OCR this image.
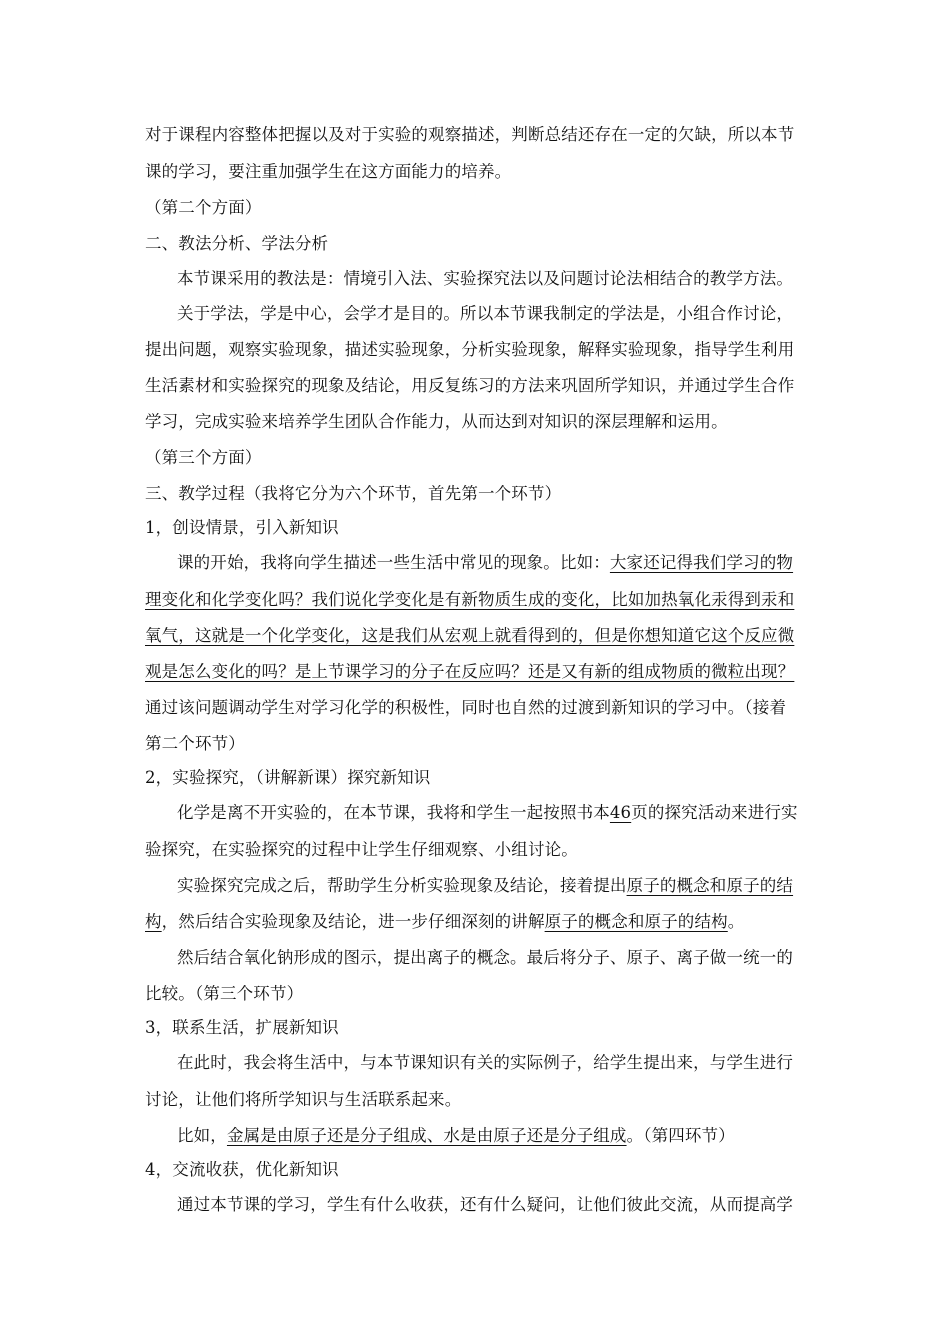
对于课程内容整体把握以及对于实验的观察描述，判断总结还存在一定的欠缺，所以本节
课的学习，要注重加强学生在这方面能力的培养。
（第二个方面）
二、教法分析、学法分析
本节课采用的教法是：情境引入法、实验探究法以及问题讨论法相结合的教学方法。
关于学法，学是中心，会学才是目的。所以本节课我制定的学法是，小组合作讨论，
提出问题，观察实验现象，描述实验现象，分析实验现象，解释实验现象，指导学生利用
生活素材和实验探究的现象及结论，用反复练习的方法来巩固所学知识，并通过学生合作
学习，完成实验来培养学生团队合作能力，从而达到对知识的深层理解和运用。
（第三个方面）
三、教学过程（我将它分为六个环节，首先第一个环节）
1，创设情景，引入新知识
课的开始，我将向学生描述一些生活中常见的现象。比如：大家还记得我们学习的物
理变化和化学变化吗？我们说化学变化是有新物质生成的变化，比如加热氧化汞得到汞和
氧气，这就是一个化学变化，这是我们从宏观上就看得到的，但是你想知道它这个反应微
观是怎么变化的吗？是上节课学习的分子在反应吗？还是又有新的组成物质的微粒出现？
通过该问题调动学生对学习化学的积极性，同时也自然的过渡到新知识的学习中。（接着
第二个环节）
2，实验探究，（讲解新课）探究新知识
化学是离不开实验的，在本节课，我将和学生一起按照书本46页的探究活动来进行实
验探究，在实验探究的过程中让学生仔细观察、小组讨论。
实验探究完成之后，帮助学生分析实验现象及结论，接着提出原子的概念和原子的结
构，然后结合实验现象及结论，进一步仔细深刻的讲解原子的概念和原子的结构。
然后结合氧化钠形成的图示，提出离子的概念。最后将分子、原子、离子做一统一的
比较。（第三个环节）
3，联系生活，扩展新知识
在此时，我会将生活中，与本节课知识有关的实际例子，给学生提出来，与学生进行
讨论，让他们将所学知识与生活联系起来。
比如，金属是由原子还是分子组成、水是由原子还是分子组成。（第四环节）
4，交流收获，优化新知识
通过本节课的学习，学生有什么收获，还有什么疑问，让他们彼此交流，从而提高学
